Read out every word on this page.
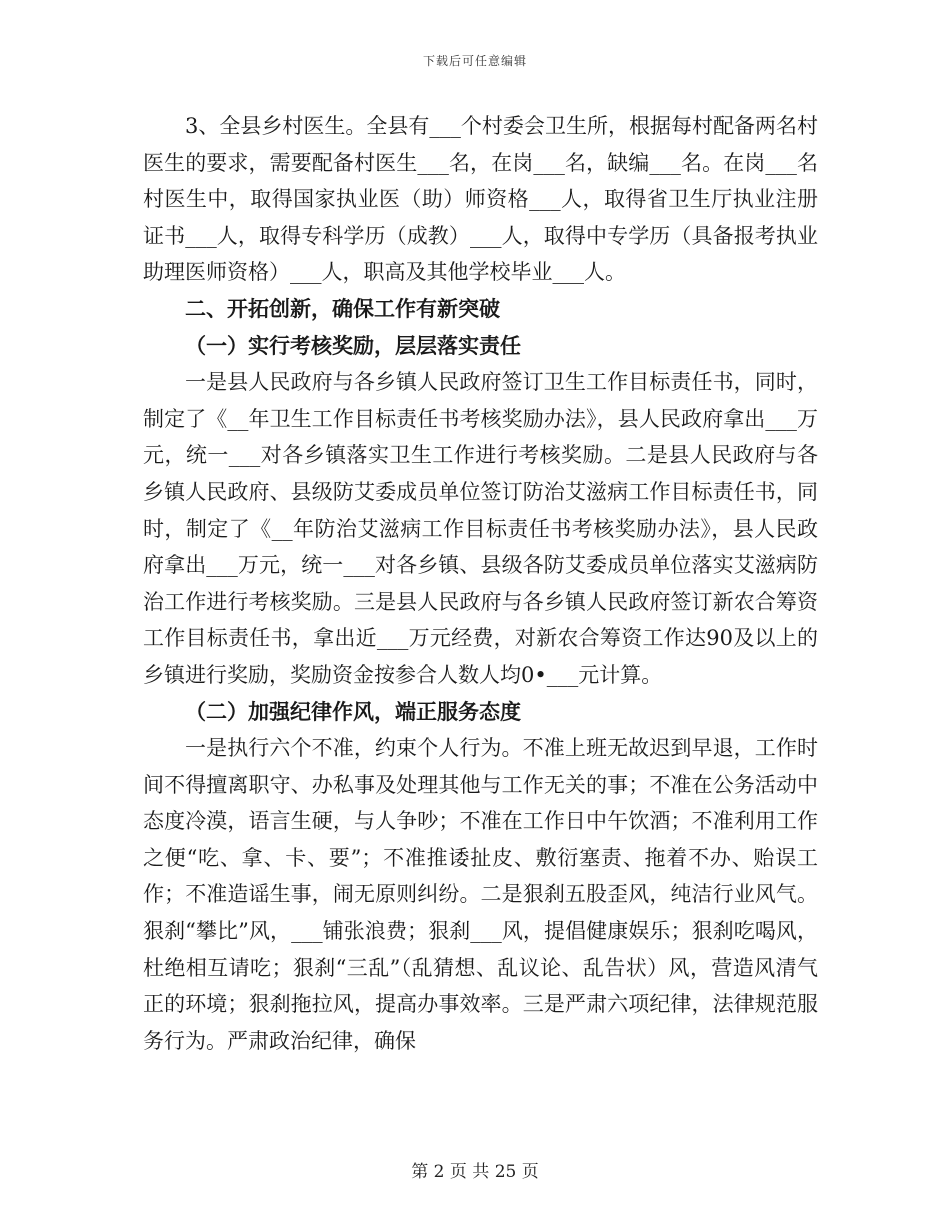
下载后可任意编辑

3、全县乡村医生。全县有___个村委会卫生所，根据每村配备两名村医生的要求，需要配备村医生___名，在岗___名，缺编___名。在岗___名村医生中，取得国家执业医（助）师资格___人，取得省卫生厅执业注册证书___人，取得专科学历（成教）___人，取得中专学历（具备报考执业助理医师资格）___人，职高及其他学校毕业___人。

二、开拓创新，确保工作有新突破

（一）实行考核奖励，层层落实责任

一是县人民政府与各乡镇人民政府签订卫生工作目标责任书，同时，制定了《__年卫生工作目标责任书考核奖励办法》，县人民政府拿出___万元，统一___对各乡镇落实卫生工作进行考核奖励。二是县人民政府与各乡镇人民政府、县级防艾委成员单位签订防治艾滋病工作目标责任书，同时，制定了《__年防治艾滋病工作目标责任书考核奖励办法》，县人民政府拿出___万元，统一___对各乡镇、县级各防艾委成员单位落实艾滋病防治工作进行考核奖励。三是县人民政府与各乡镇人民政府签订新农合筹资工作目标责任书，拿出近___万元经费，对新农合筹资工作达90及以上的乡镇进行奖励，奖励资金按参合人数人均0•___元计算。

（二）加强纪律作风，端正服务态度

一是执行六个不准，约束个人行为。不准上班无故迟到早退，工作时间不得擅离职守、办私事及处理其他与工作无关的事；不准在公务活动中态度冷漠，语言生硬，与人争吵；不准在工作日中午饮酒；不准利用工作之便“吃、拿、卡、要”；不准推诿扯皮、敷衍塞责、拖着不办、贻误工作；不准造谣生事，闹无原则纠纷。二是狠刹五股歪风，纯洁行业风气。狠刹“攀比”风，___铺张浪费；狠刹___风，提倡健康娱乐；狠刹吃喝风，杜绝相互请吃；狠刹“三乱”（乱猜想、乱议论、乱告状）风，营造风清气正的环境；狠刹拖拉风，提高办事效率。三是严肃六项纪律，法律规范服务行为。严肃政治纪律，确保

第 2 页 共 25 页
